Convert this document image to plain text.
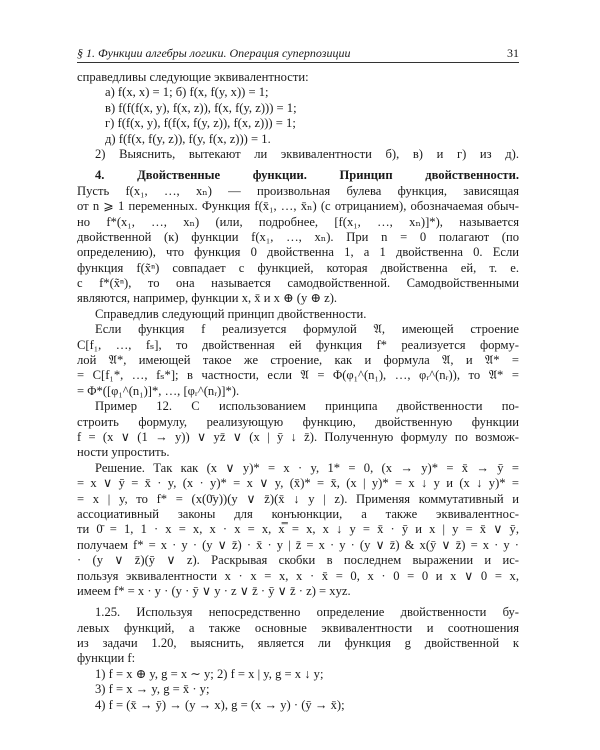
§ 1. Функции алгебры логики. Операция суперпозиции	31
справедливы следующие эквивалентности:
а) f(x, x) = 1; б) f(x, f(y, x)) = 1;
в) f(f(f(x, y), f(x, z)), f(x, f(y, z))) = 1;
г) f(f(x, y), f(f(x, f(y, z)), f(x, z))) = 1;
д) f(f(x, f(y, z)), f(y, f(x, z))) = 1.
2) Выяснить, вытекают ли эквивалентности б), в) и г) из д).
4. Двойственные функции. Принцип двойственности.
Пусть f(x₁, …, xₙ) — произвольная булева функция, зависящая
от n ⩾ 1 переменных. Функция f(x̄₁, …, x̄ₙ) (с отрицанием), обозначаемая обыч-
но f*(x₁, …, xₙ) (или, подробнее, [f(x₁, …, xₙ)]*), называется
двойственной (к) функции f(x₁, …, xₙ). При n = 0 полагают (по
определению), что функция 0 двойственна 1, а 1 двойственна 0. Если
функция f(x̃ⁿ) совпадает с функцией, которая двойственна ей, т. е.
с f*(x̃ⁿ), то она называется самодвойственной. Самодвойственными
являются, например, функции x, x̄ и x ⊕ (y ⊕ z).
Справедлив следующий принцип двойственности.
Если функция f реализуется формулой 𝔄, имеющей строение
C[f₁, …, fₛ], то двойственная ей функция f* реализуется форму-
лой 𝔄*, имеющей такое же строение, как и формула 𝔄, и 𝔄* =
= C[f₁*, …, fₛ*]; в частности, если 𝔄 = Φ(φ₁^(n₁), …, φᵣ^(nᵣ)), то 𝔄* =
= Φ*([φ₁^(n₁)]*, …, [φᵣ^(nᵣ)]*).
Пример 12. С использованием принципа двойственности по-
строить формулу, реализующую функцию, двойственную функции
f = (x ∨ (1 → y)) ∨ yz̄ ∨ (x | ȳ ↓ z̄). Полученную формулу по возмож-
ности упростить.
Решение. Так как (x ∨ y)* = x · y, 1* = 0, (x → y)* = x̄ → ȳ =
= x ∨ ȳ = x̄ · y, (x · y)* = x ∨ y, (x̄)* = x̄, (x | y)* = x ↓ y и (x ↓ y)* =
= x | y, то f* = (x(0̄y))(y ∨ z̄)(x̄ ↓ y | z). Применяя коммутативный и
ассоциативный законы для конъюнкции, а также эквивалентнос-
ти 0̄ = 1, 1 · x = x, x · x = x, x̿ = x, x ↓ y = x̄ · ȳ и x | y = x̄ ∨ ȳ,
получаем f* = x · y · (y ∨ z̄) · x̄ · y | z̄ = x · y · (y ∨ z̄) & x(ȳ ∨ z̄) = x · y ·
· (y ∨ z̄)(ȳ ∨ z). Раскрывая скобки в последнем выражении и ис-
пользуя эквивалентности x · x = x, x · x̄ = 0, x · 0 = 0 и x ∨ 0 = x,
имеем f* = x · y · (y · ȳ ∨ y · z ∨ z̄ · ȳ ∨ z̄ · z) = xyz.
1.25. Используя непосредственно определение двойственности бу-
левых функций, а также основные эквивалентности и соотношения
из задачи 1.20, выяснить, является ли функция g двойственной к
функции f:
1) f = x ⊕ y, g = x ∼ y; 2) f = x | y, g = x ↓ y;
3) f = x → y, g = x̄ · y;
4) f = (x̄ → ȳ) → (y → x), g = (x → y) · (ȳ → x̄);
